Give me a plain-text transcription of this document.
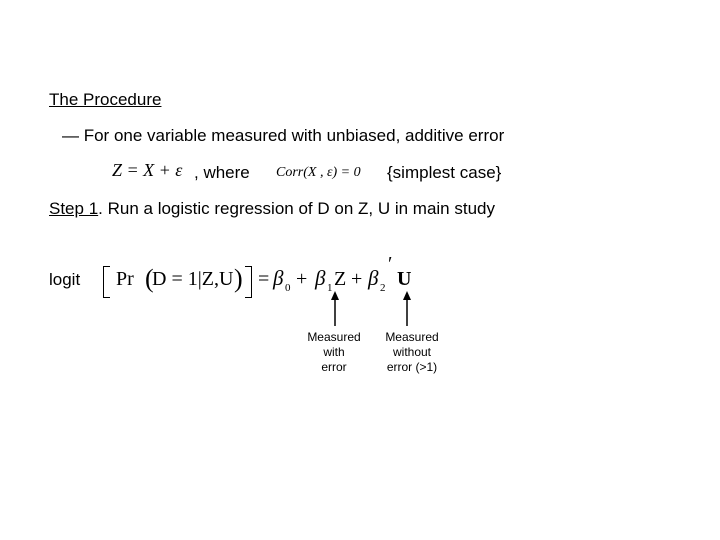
The Procedure
— For one variable measured with unbiased, additive error
Z = X + ε , where Corr(X , ε) = 0 {simplest case}
Step 1. Run a logistic regression of D on Z, U in main study
logit Pr (
D = 1|Z,U ) = β 0 + β 1 Z + β 2
′
U
Measured
with
error
Measured
without
error (>1)
